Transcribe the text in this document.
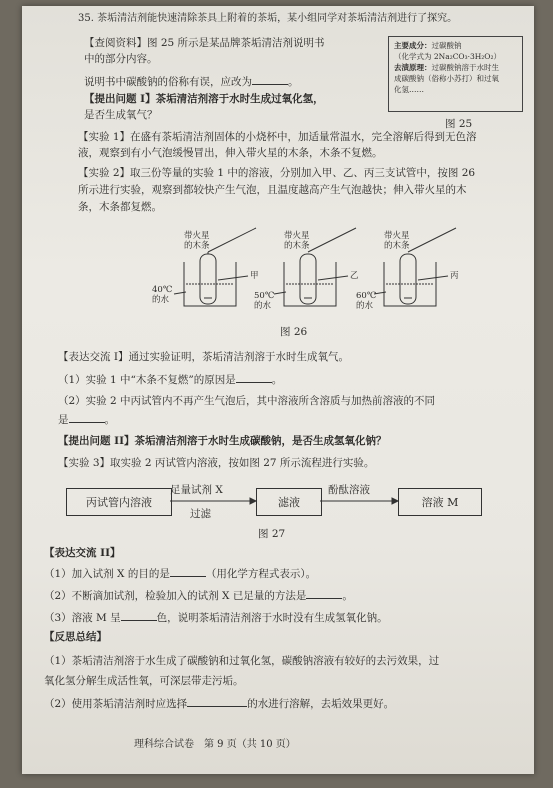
35. 茶垢清洁剂能快速清除茶具上附着的茶垢，某小组同学对茶垢清洁剂进行了探究。
主要成分：过碳酸钠
（化学式为 2Na₂CO₃·3H₂O₂）
去渍原理：过碳酸钠溶于水时生
成碳酸钠（俗称小苏打）和过氧
化氢……
图 25
【查阅资料】图 25 所示是某品牌茶垢清洁剂说明书
中的部分内容。
说明书中碳酸钠的俗称有误，应改为	。
【提出问题 I】茶垢清洁剂溶于水时生成过氧化氢，
是否生成氧气？
【实验 1】在盛有茶垢清洁剂固体的小烧杯中，加适量常温水，完全溶解后得到无色溶
液，观察到有小气泡缓慢冒出，伸入带火星的木条，木条不复燃。
【实验 2】取三份等量的实验 1 中的溶液，分别加入甲、乙、丙三支试管中，按图 26
所示进行实验，观察到都较快产生气泡，且温度越高产生气泡越快；伸入带火星的木
条，木条都复燃。
带火星
的木条
带火星
的木条
带火星
的木条
甲	乙	丙
40℃
的水	50℃
的水
60℃
的水
图 26
【表达交流 I】通过实验证明，茶垢清洁剂溶于水时生成氧气。
（1）实验 1 中“木条不复燃”的原因是	。
（2）实验 2 中丙试管内不再产生气泡后，其中溶液所含溶质与加热前溶液的不同
是	。
【提出问题 II】茶垢清洁剂溶于水时生成碳酸钠，是否生成氢氧化钠？
【实验 3】取实验 2 丙试管内溶液，按如图 27 所示流程进行实验。
丙试管内溶液
足量试剂 X
过滤
滤液
酚酞溶液
溶液 M
图 27
【表达交流 II】
（1）加入试剂 X 的目的是	（用化学方程式表示）。
（2）不断滴加试剂，检验加入的试剂 X 已足量的方法是	。
（3）溶液 M 呈	色，说明茶垢清洁剂溶于水时没有生成氢氧化钠。
【反思总结】
（1）茶垢清洁剂溶于水生成了碳酸钠和过氧化氢，碳酸钠溶液有较好的去污效果，过
氧化氢分解生成活性氧，可深层带走污垢。
（2）使用茶垢清洁剂时应选择	的水进行溶解，去垢效果更好。
理科综合试卷　第 9 页（共 10 页）
